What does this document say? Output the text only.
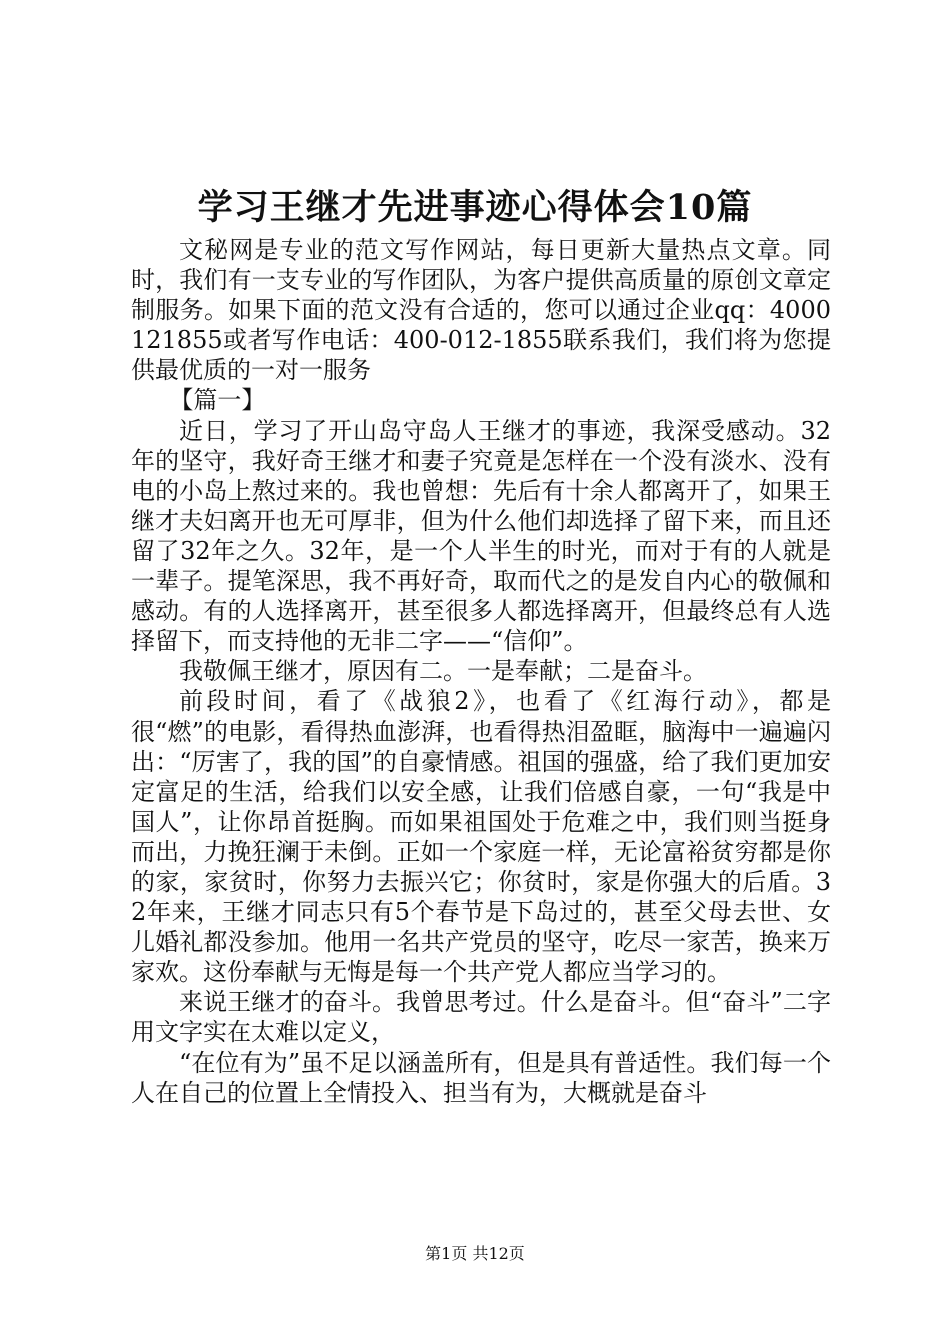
学习王继才先进事迹心得体会10篇

文秘网是专业的范文写作网站，每日更新大量热点文章。同时，我们有一支专业的写作团队，为客户提供高质量的原创文章定制服务。如果下面的范文没有合适的，您可以通过企业qq：4000121855或者写作电话：400-012-1855联系我们，我们将为您提供最优质的一对一服务

【篇一】

近日，学习了开山岛守岛人王继才的事迹，我深受感动。32年的坚守，我好奇王继才和妻子究竟是怎样在一个没有淡水、没有电的小岛上熬过来的。我也曾想：先后有十余人都离开了，如果王继才夫妇离开也无可厚非，但为什么他们却选择了留下来，而且还留了32年之久。32年，是一个人半生的时光，而对于有的人就是一辈子。提笔深思，我不再好奇，取而代之的是发自内心的敬佩和感动。有的人选择离开，甚至很多人都选择离开，但最终总有人选择留下，而支持他的无非二字——“信仰”。

我敬佩王继才，原因有二。一是奉献；二是奋斗。

前段时间，看了《战狼2》，也看了《红海行动》，都是很“燃”的电影，看得热血澎湃，也看得热泪盈眶，脑海中一遍遍闪出：“厉害了，我的国”的自豪情感。祖国的强盛，给了我们更加安定富足的生活，给我们以安全感，让我们倍感自豪，一句“我是中国人”，让你昂首挺胸。而如果祖国处于危难之中，我们则当挺身而出，力挽狂澜于未倒。正如一个家庭一样，无论富裕贫穷都是你的家，家贫时，你努力去振兴它；你贫时，家是你强大的后盾。32年来，王继才同志只有5个春节是下岛过的，甚至父母去世、女儿婚礼都没参加。他用一名共产党员的坚守，吃尽一家苦，换来万家欢。这份奉献与无悔是每一个共产党人都应当学习的。

来说王继才的奋斗。我曾思考过。什么是奋斗。但“奋斗”二字用文字实在太难以定义，

“在位有为”虽不足以涵盖所有，但是具有普适性。我们每一个人在自己的位置上全情投入、担当有为，大概就是奋斗

第1页 共12页
